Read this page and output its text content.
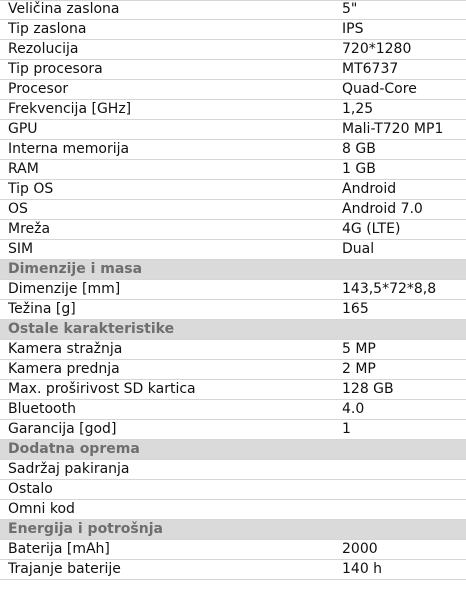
Veličina zaslona	5"
Tip zaslona	IPS
Rezolucija	720*1280
Tip procesora	MT6737
Procesor	Quad-Core
Frekvencija [GHz]	1,25
GPU	Mali-T720 MP1
Interna memorija	8 GB
RAM	1 GB
Tip OS	Android
OS	Android 7.0
Mreža	4G (LTE)
SIM	Dual
Dimenzije i masa	
Dimenzije [mm]	143,5*72*8,8
Težina [g]	165
Ostale karakteristike	
Kamera stražnja	5 MP
Kamera prednja	2 MP
Max. proširivost SD kartica	128 GB
Bluetooth	4.0
Garancija [god]	1
Dodatna oprema	
Sadržaj pakiranja	
Ostalo	
Omni kod	
Energija i potrošnja	
Baterija [mAh]	2000
Trajanje baterije	140 h
